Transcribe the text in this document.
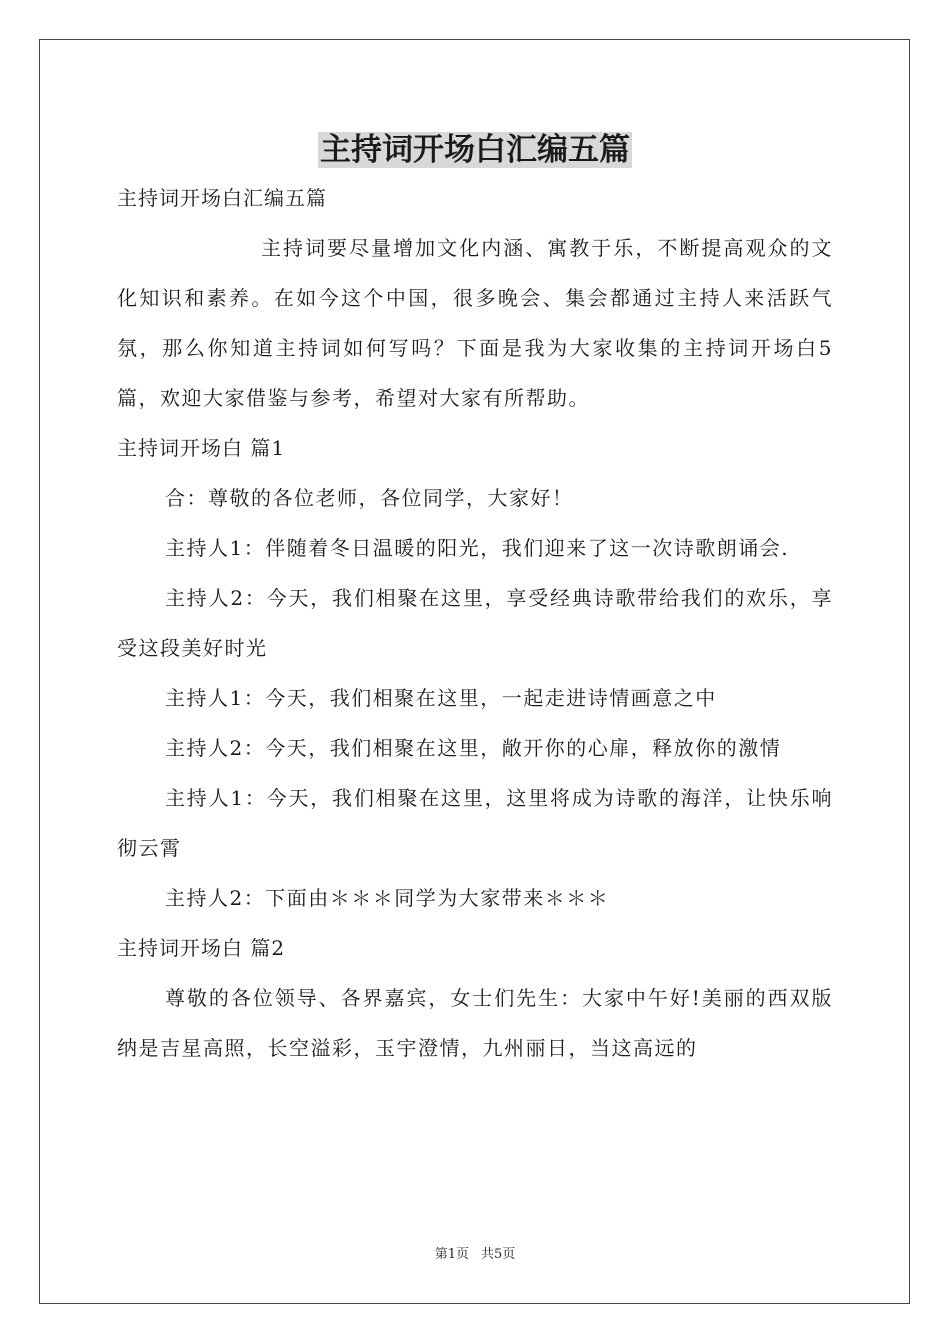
主持词开场白汇编五篇

主持词开场白汇编五篇

主持词要尽量增加文化内涵、寓教于乐，不断提高观众的文化知识和素养。在如今这个中国，很多晚会、集会都通过主持人来活跃气氛，那么你知道主持词如何写吗？下面是我为大家收集的主持词开场白5篇，欢迎大家借鉴与参考，希望对大家有所帮助。

主持词开场白 篇1

合：尊敬的各位老师，各位同学，大家好！

主持人1：伴随着冬日温暖的阳光，我们迎来了这一次诗歌朗诵会.

主持人2：今天，我们相聚在这里，享受经典诗歌带给我们的欢乐，享受这段美好时光

主持人1：今天，我们相聚在这里，一起走进诗情画意之中

主持人2：今天，我们相聚在这里，敞开你的心扉，释放你的激情

主持人1：今天，我们相聚在这里，这里将成为诗歌的海洋，让快乐响彻云霄

主持人2：下面由＊＊＊同学为大家带来＊＊＊

主持词开场白 篇2

尊敬的各位领导、各界嘉宾，女士们先生：大家中午好!美丽的西双版纳是吉星高照，长空溢彩，玉宇澄情，九州丽日，当这高远的

第1页 共5页
